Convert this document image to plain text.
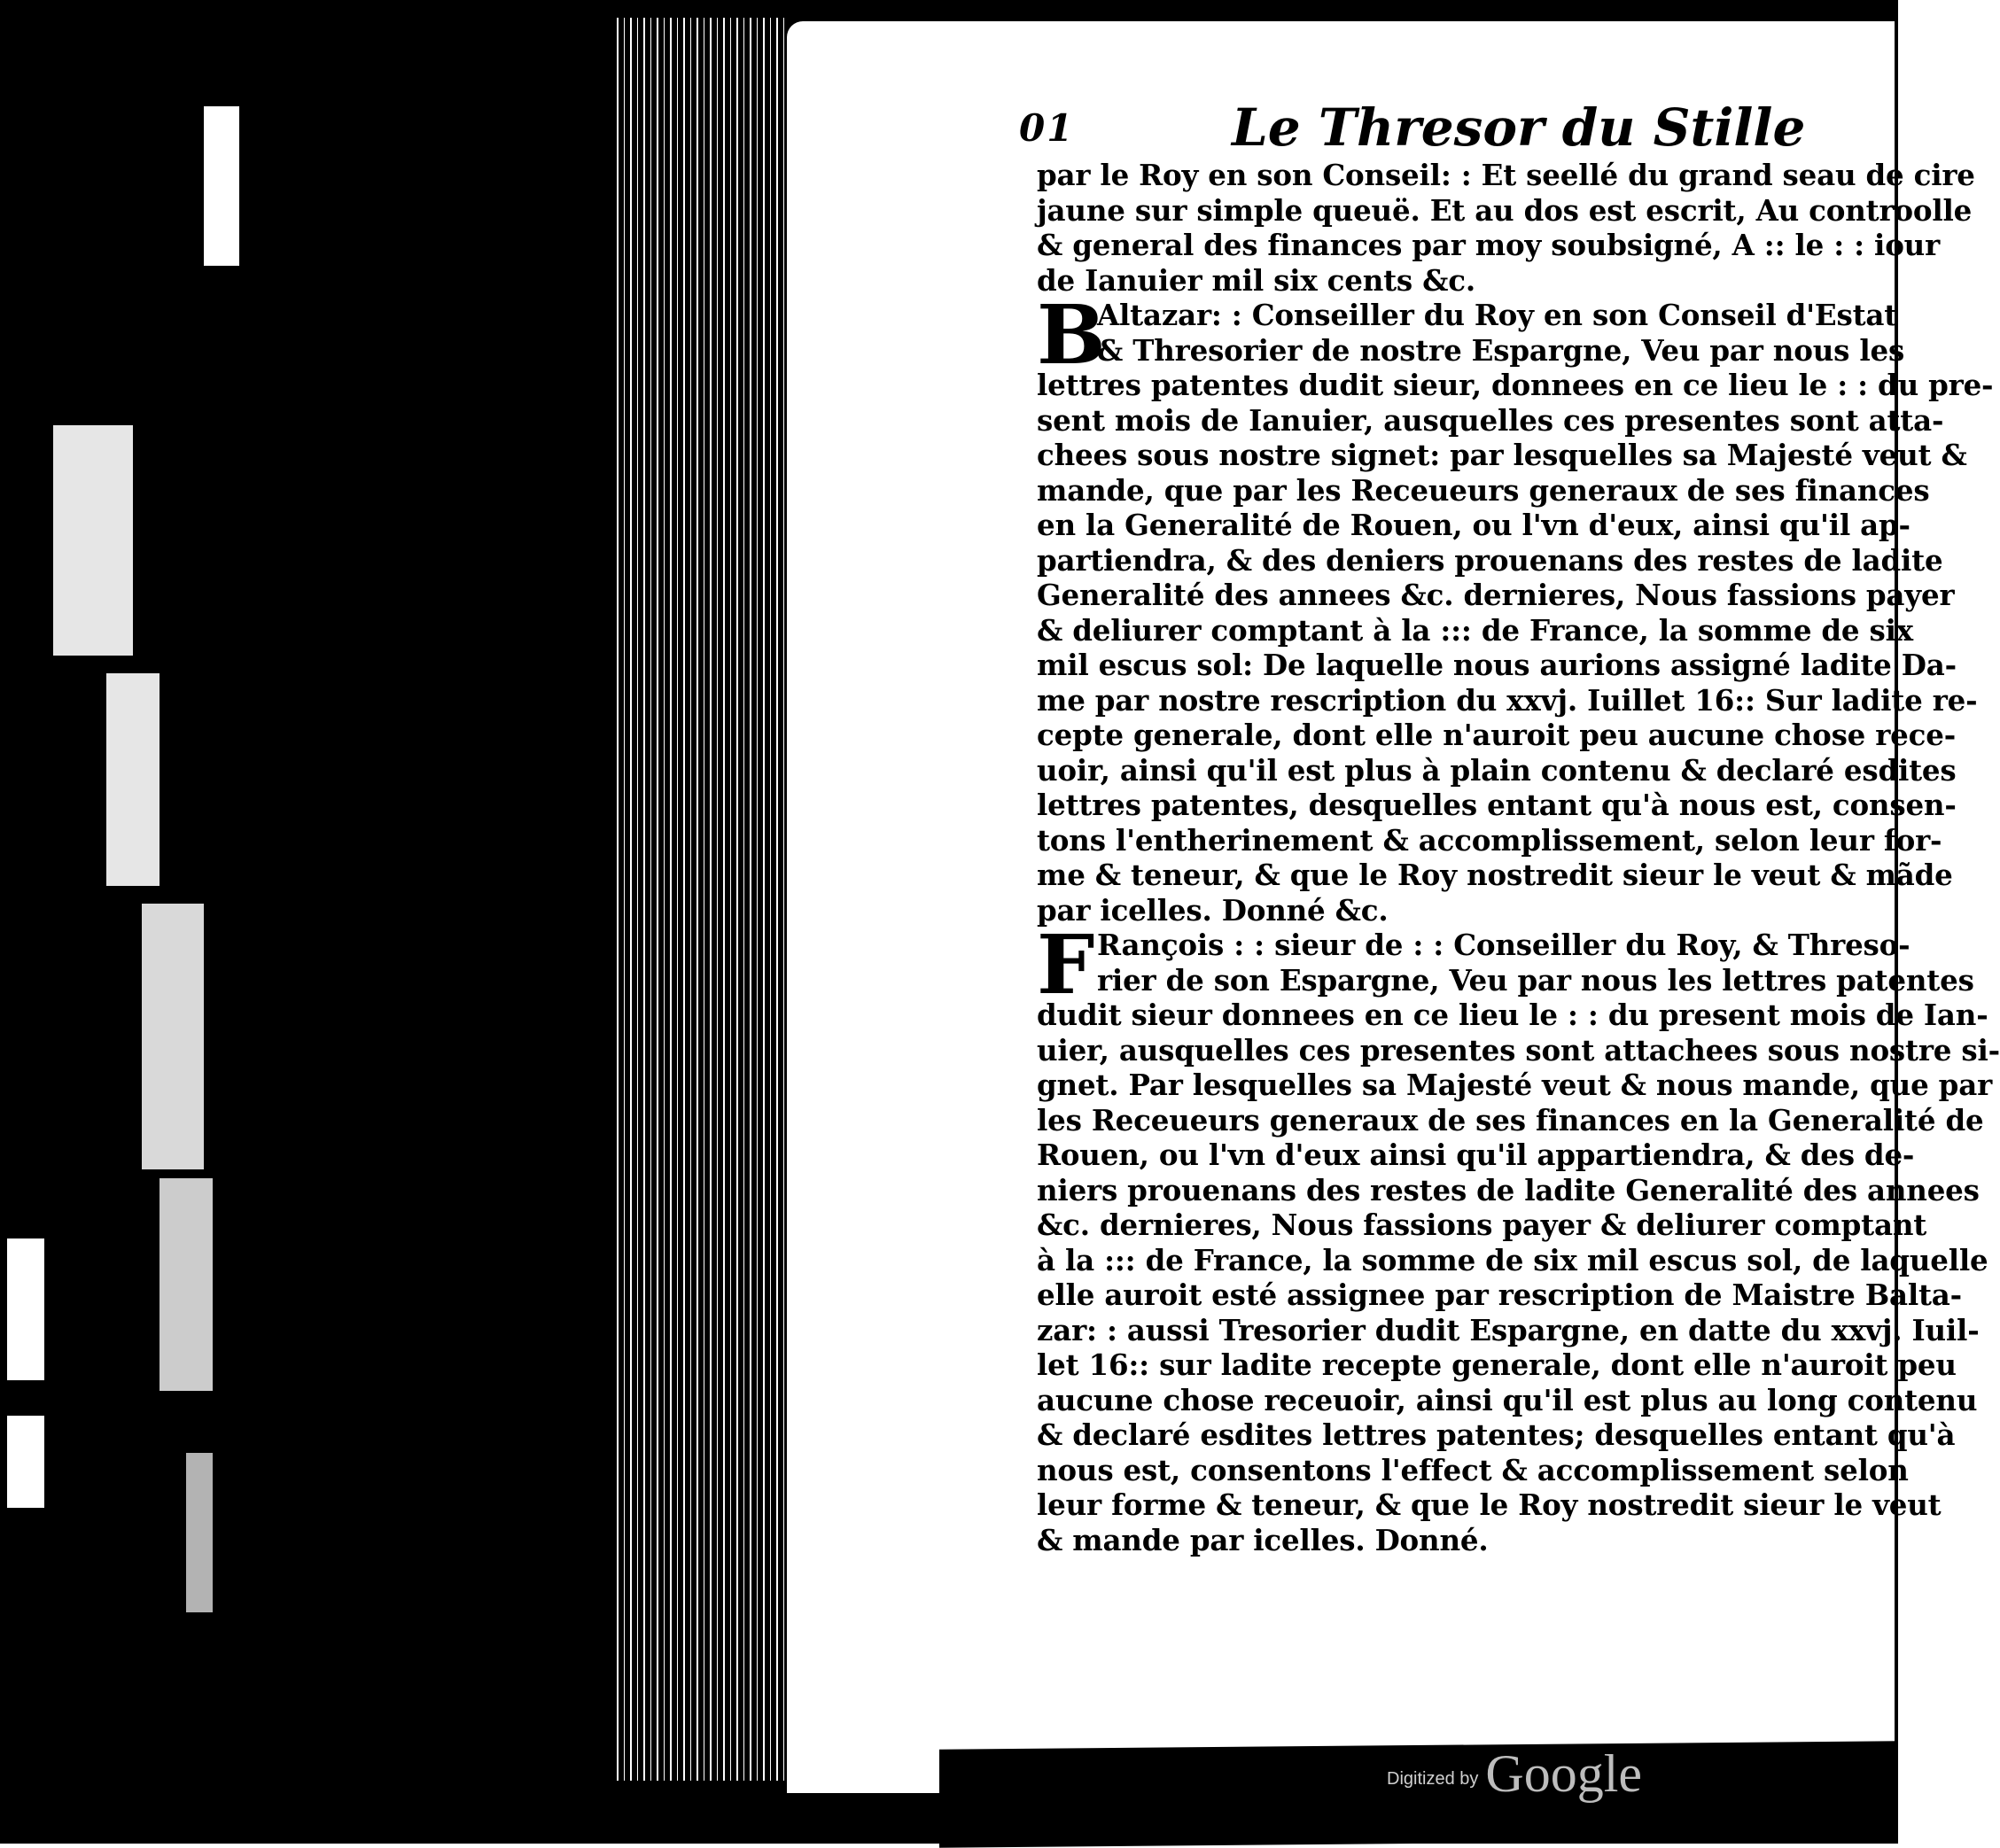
01	Le Thresor du Stille
par le Roy en son Conseil: : Et seellé du grand seau de cire
jaune sur simple queuë. Et au dos est escrit, Au controolle
& general des finances par moy soubsigné, A :: le : : iour
de Ianuier mil six cents &c.
B
Altazar: : Conseiller du Roy en son Conseil d'Estat
& Thresorier de nostre Espargne, Veu par nous les
lettres patentes dudit sieur, donnees en ce lieu le : : du pre-
sent mois de Ianuier, ausquelles ces presentes sont atta-
chees sous nostre signet: par lesquelles sa Majesté veut &
mande, que par les Receueurs generaux de ses finances
en la Generalité de Rouen, ou l'vn d'eux, ainsi qu'il ap-
partiendra, & des deniers prouenans des restes de ladite
Generalité des annees &c. dernieres, Nous fassions payer
& deliurer comptant à la ::: de France, la somme de six
mil escus sol: De laquelle nous aurions assigné ladite Da-
me par nostre rescription du xxvj. Iuillet 16:: Sur ladite re-
cepte generale, dont elle n'auroit peu aucune chose rece-
uoir, ainsi qu'il est plus à plain contenu & declaré esdites
lettres patentes, desquelles entant qu'à nous est, consen-
tons l'entherinement & accomplissement, selon leur for-
me & teneur, & que le Roy nostredit sieur le veut & mãde
par icelles. Donné &c.
F Rançois : : sieur de : : Conseiller du Roy, & Threso-
rier de son Espargne, Veu par nous les lettres patentes
dudit sieur donnees en ce lieu le : : du present mois de Ian-
uier, ausquelles ces presentes sont attachees sous nostre si-
gnet. Par lesquelles sa Majesté veut & nous mande, que par
les Receueurs generaux de ses finances en la Generalité de
Rouen, ou l'vn d'eux ainsi qu'il appartiendra, & des de-
niers prouenans des restes de ladite Generalité des annees
&c. dernieres, Nous fassions payer & deliurer comptant
à la ::: de France, la somme de six mil escus sol, de laquelle
elle auroit esté assignee par rescription de Maistre Balta-
zar: : aussi Tresorier dudit Espargne, en datte du xxvj. Iuil-
let 16:: sur ladite recepte generale, dont elle n'auroit peu
aucune chose receuoir, ainsi qu'il est plus au long contenu
& declaré esdites lettres patentes; desquelles entant qu'à
nous est, consentons l'effect & accomplissement selon
leur forme & teneur, & que le Roy nostredit sieur le veut
& mande par icelles. Donné.
Digitized by Google
